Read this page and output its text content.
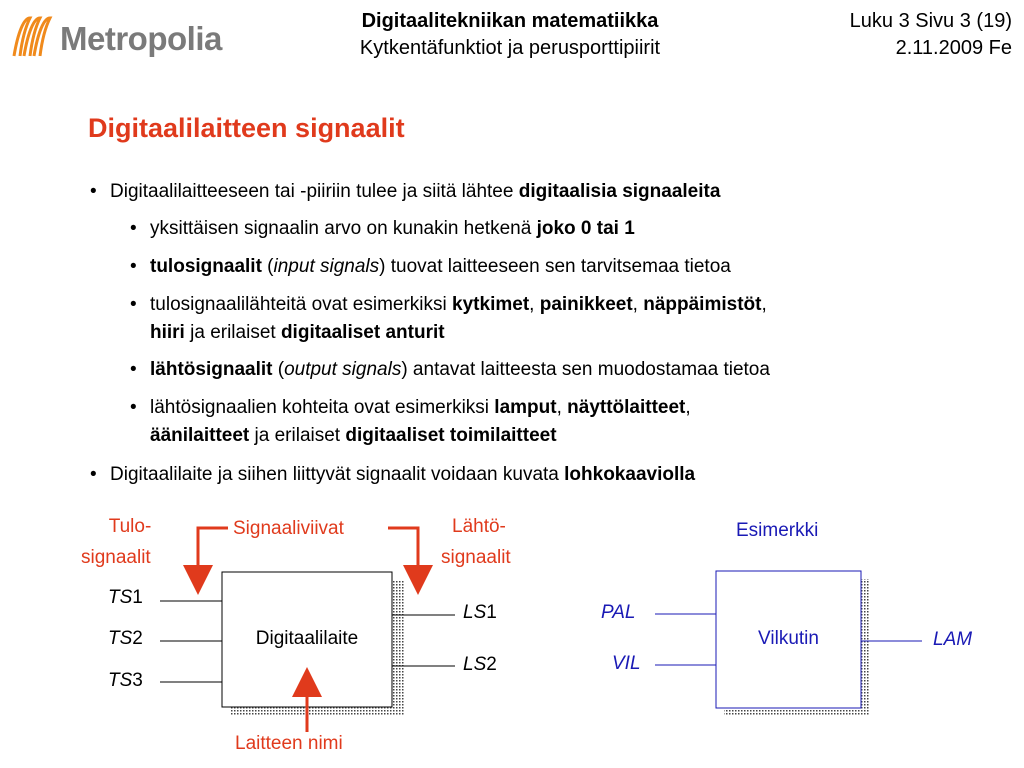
Metropolia	Digitaalitekniikan matematiikka
Kytkentäfunktiot ja perusporttipiirit
Luku 3 Sivu 3 (19)
2.11.2009 Fe
Digitaalilaitteen signaalit
• Digitaalilaitteeseen tai -piiriin tulee ja siitä lähtee digitaalisia signaaleita
• yksittäisen signaalin arvo on kunakin hetkenä joko 0 tai 1
• tulosignaalit (input signals) tuovat laitteeseen sen tarvitsemaa tietoa
• tulosignaalilähteitä ovat esimerkiksi kytkimet, painikkeet, näppäimistöt,
hiiri ja erilaiset digitaaliset anturit
• lähtösignaalit (output signals) antavat laitteesta sen muodostamaa tietoa
• lähtösignaalien kohteita ovat esimerkiksi lamput, näyttölaitteet,
äänilaitteet ja erilaiset digitaaliset toimilaitteet
• Digitaalilaite ja siihen liittyvät signaalit voidaan kuvata lohkokaaviolla
Tulo-
signaalit
Signaaliviivat	Lähtö-
signaalit
Digitaalilaite
Laitteen nimi
TS1
TS2
TS3
LS1
LS2
Esimerkki
Vilkutin
PAL
VIL
LAM
